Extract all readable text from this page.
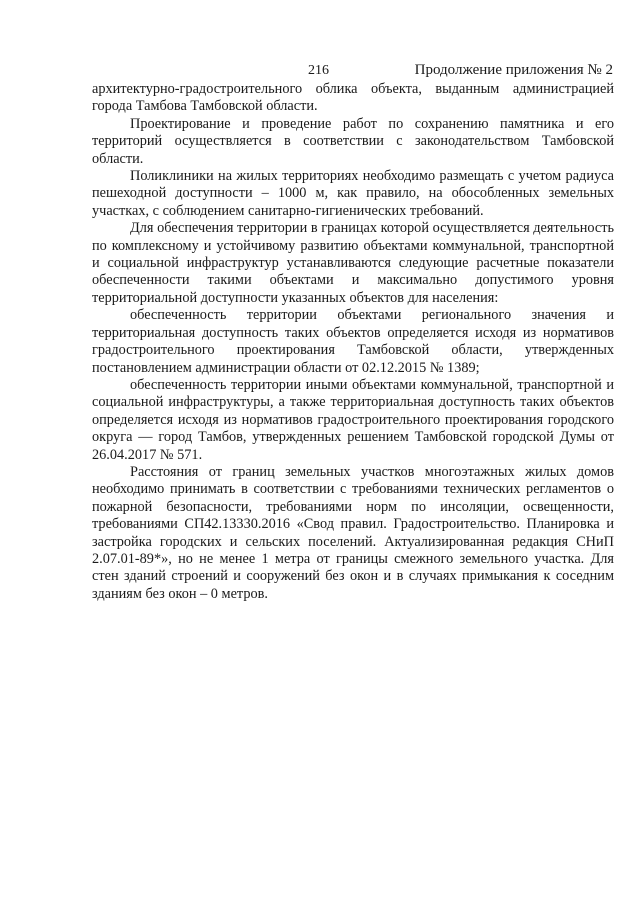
216	Продолжение приложения № 2

архитектурно-градостроительного облика объекта, выданным администрацией города Тамбова Тамбовской области.

Проектирование и проведение работ по сохранению памятника и его территорий осуществляется в соответствии с законодательством Тамбовской области.

Поликлиники на жилых территориях необходимо размещать с учетом радиуса пешеходной доступности – 1000 м, как правило, на обособленных земельных участках, с соблюдением санитарно-гигиенических требований.

Для обеспечения территории в границах которой осуществляется деятельность по комплексному и устойчивому развитию объектами коммунальной, транспортной и социальной инфраструктур устанавливаются следующие расчетные показатели обеспеченности такими объектами и максимально допустимого уровня территориальной доступности указанных объектов для населения:

обеспеченность территории объектами регионального значения и территориальная доступность таких объектов определяется исходя из нормативов градостроительного проектирования Тамбовской области, утвержденных постановлением администрации области от 02.12.2015 № 1389;

обеспеченность территории иными объектами коммунальной, транспортной и социальной инфраструктуры, а также территориальная доступность таких объектов определяется исходя из нормативов градостроительного проектирования городского округа — город Тамбов, утвержденных решением Тамбовской городской Думы от 26.04.2017 № 571.

Расстояния от границ земельных участков многоэтажных жилых домов необходимо принимать в соответствии с требованиями технических регламентов о пожарной безопасности, требованиями норм по инсоляции, освещенности, требованиями СП42.13330.2016 «Свод правил. Градостроительство. Планировка и застройка городских и сельских поселений. Актуализированная редакция СНиП 2.07.01-89*», но не менее 1 метра от границы смежного земельного участка. Для стен зданий строений и сооружений без окон и в случаях примыкания к соседним зданиям без окон – 0 метров.
